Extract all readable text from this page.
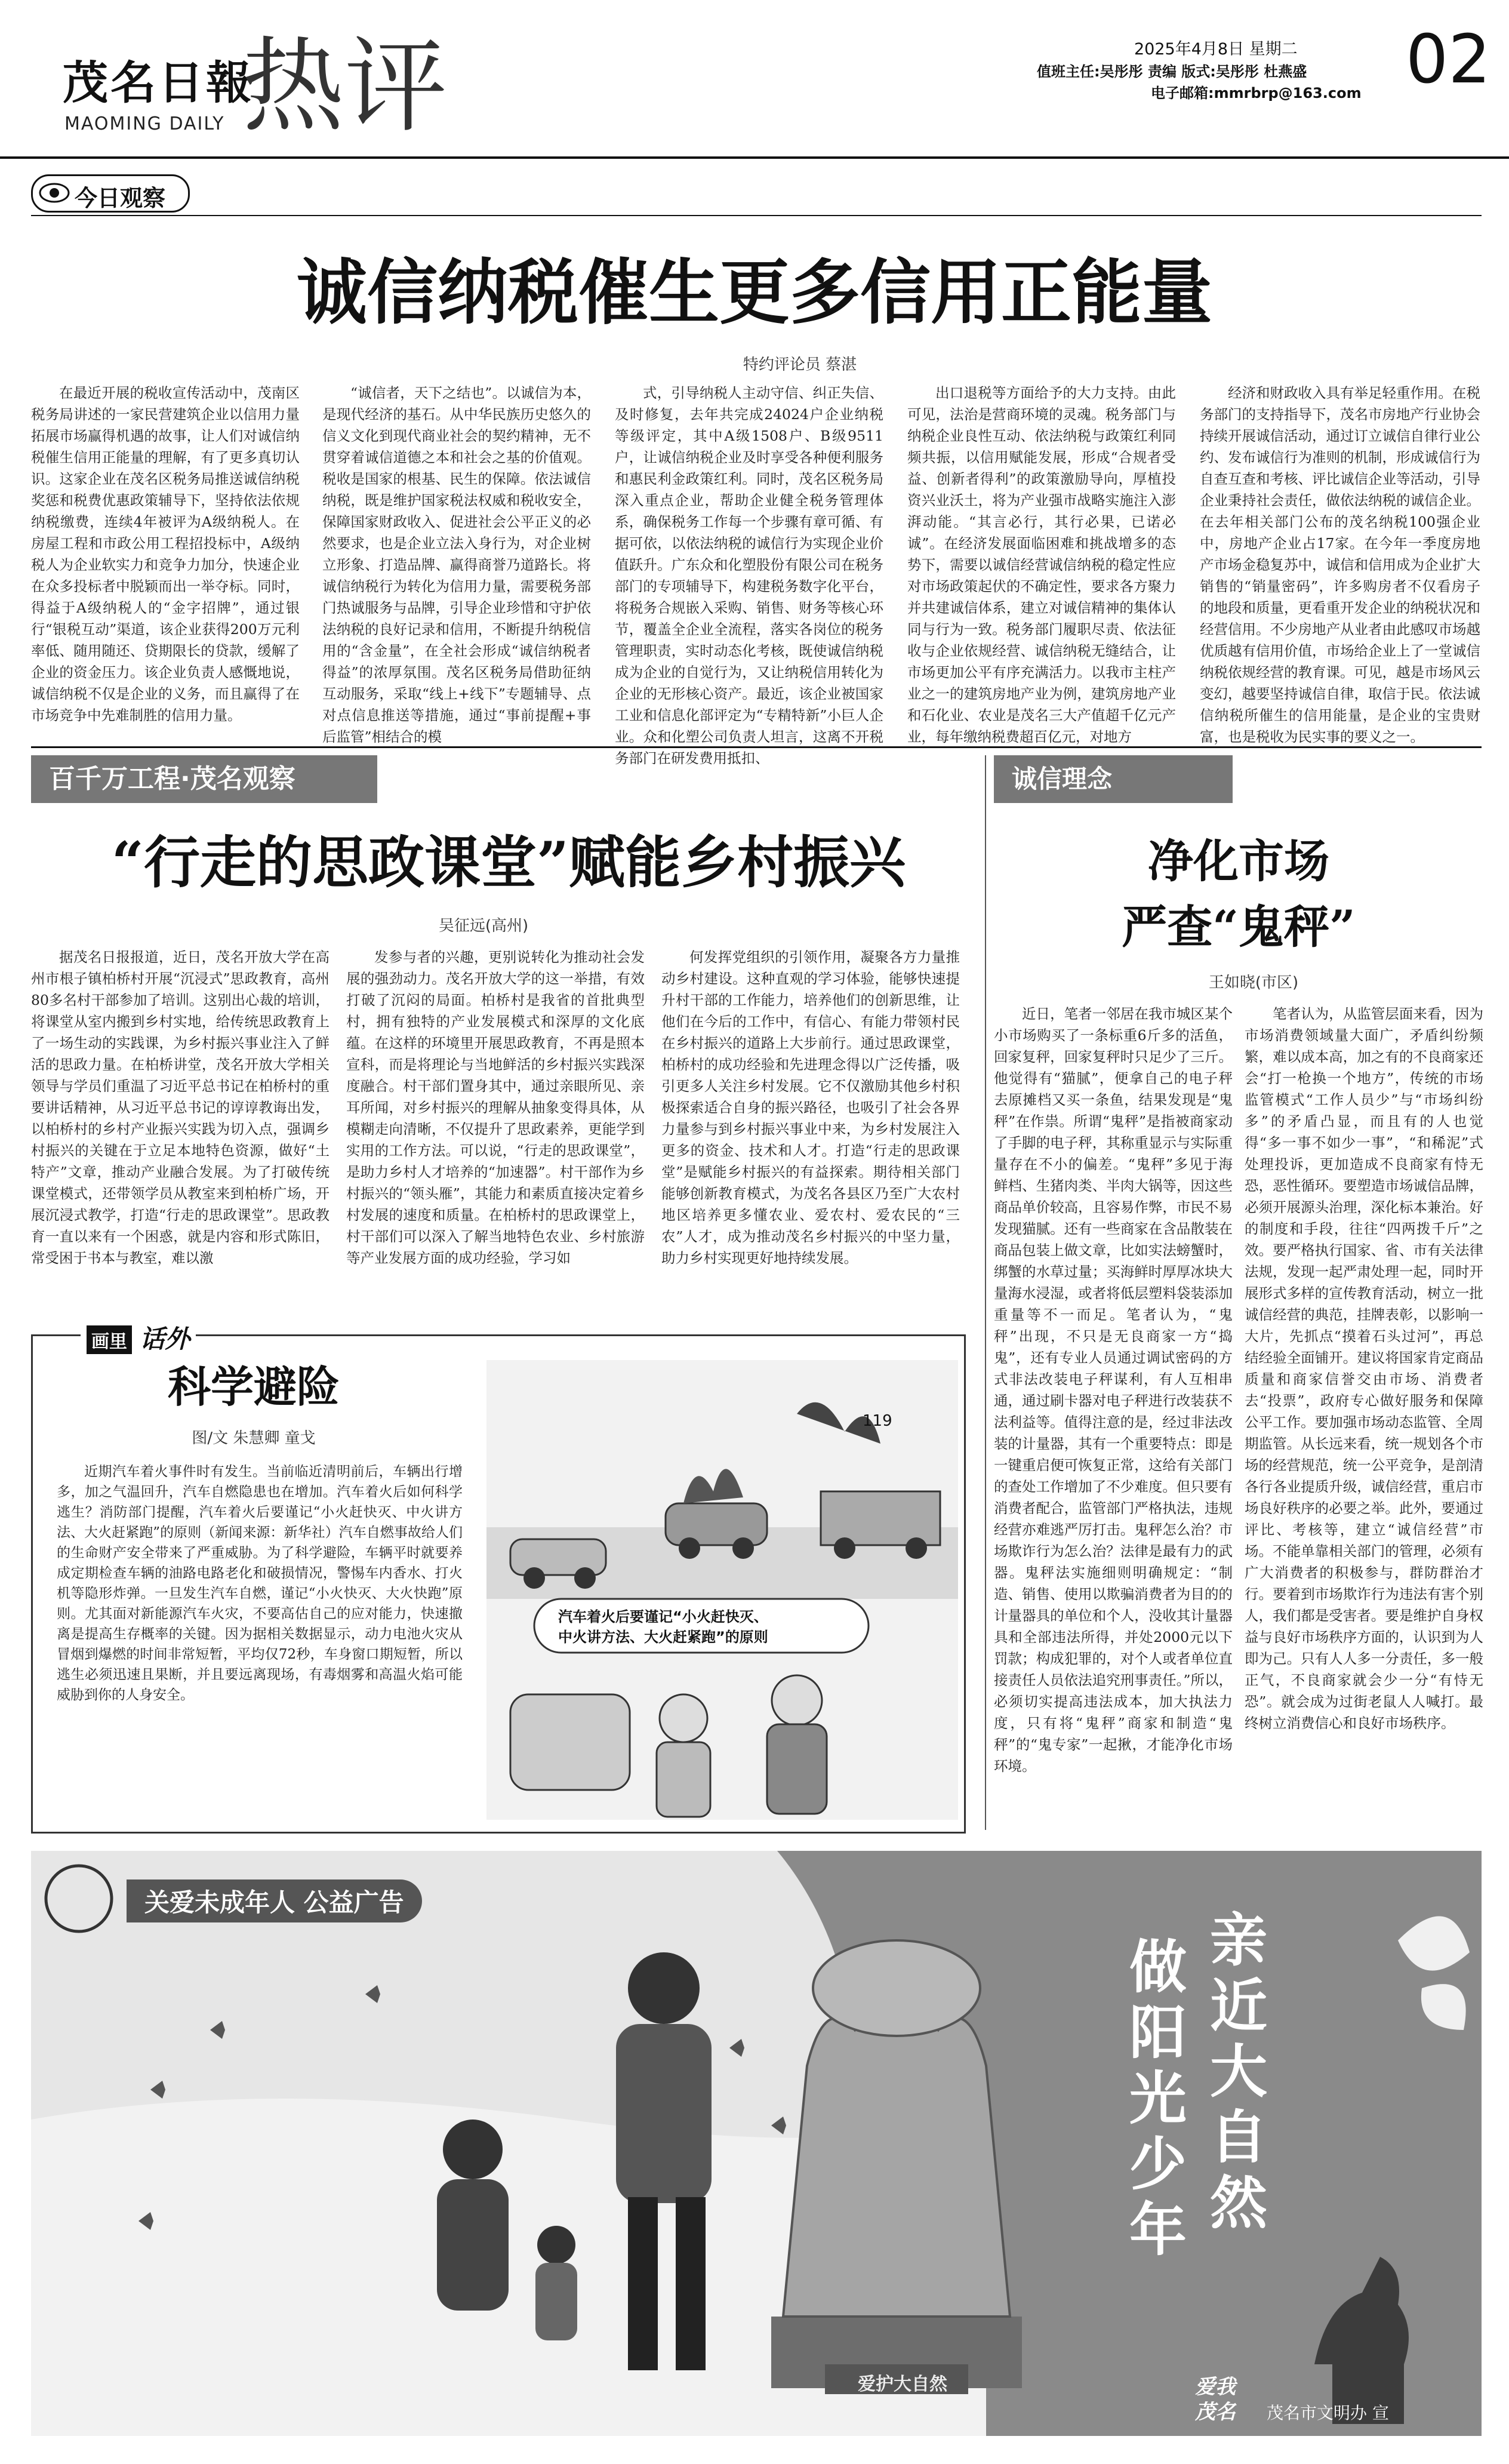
茂名日報
MAOMING DAILY 热评	2025年4月8日 星期二
值班主任:吴彤彤 责编 版式:吴彤彤 杜燕盛
电子邮箱:mmrbrp@163.com 02
今日观察
诚信纳税催生更多信用正能量
特约评论员 蔡湛
在最近开展的税收宣传活动中，茂南区税务局讲述的一家民营建筑企业以信用力量拓展市场赢得机遇的故事，让人们对诚信纳税催生信用正能量的理解，有了更多真切认识。这家企业在茂名区税务局推送诚信纳税奖惩和税费优惠政策辅导下，坚持依法依规纳税缴费，连续4年被评为A级纳税人。在房屋工程和市政公用工程招投标中，A级纳税人为企业软实力和竞争力加分，快速企业在众多投标者中脱颖而出一举夺标。同时，得益于A级纳税人的“金字招牌”，通过银行“银税互动”渠道，该企业获得200万元利率低、随用随还、贷期限长的贷款，缓解了企业的资金压力。该企业负责人感慨地说，诚信纳税不仅是企业的义务，而且赢得了在市场竞争中先难制胜的信用力量。
“诚信者，天下之结也”。以诚信为本，是现代经济的基石。从中华民族历史悠久的信义文化到现代商业社会的契约精神，无不贯穿着诚信道德之本和社会之基的价值观。税收是国家的根基、民生的保障。依法诚信纳税，既是维护国家税法权威和税收安全，保障国家财政收入、促进社会公平正义的必然要求，也是企业立法入身行为，对企业树立形象、打造品牌、赢得商誉乃道路长。将诚信纳税行为转化为信用力量，需要税务部门热诚服务与品牌，引导企业珍惜和守护依法纳税的良好记录和信用，不断提升纳税信用的“含金量”，在全社会形成“诚信纳税者得益”的浓厚氛围。茂名区税务局借助征纳互动服务，采取“线上+线下”专题辅导、点对点信息推送等措施，通过“事前提醒+事后监管”相结合的模
式，引导纳税人主动守信、纠正失信、及时修复，去年共完成24024户企业纳税等级评定，其中A级1508户、B级9511户，让诚信纳税企业及时享受各种便利服务和惠民利金政策红利。同时，茂名区税务局深入重点企业，帮助企业健全税务管理体系，确保税务工作每一个步骤有章可循、有据可依，以依法纳税的诚信行为实现企业价值跃升。广东众和化塑股份有限公司在税务部门的专项辅导下，构建税务数字化平台，将税务合规嵌入采购、销售、财务等核心环节，覆盖全企业全流程，落实各岗位的税务管理职责，实时动态化考核，既使诚信纳税成为企业的自觉行为，又让纳税信用转化为企业的无形核心资产。最近，该企业被国家工业和信息化部评定为“专精特新”小巨人企业。众和化塑公司负责人坦言，这离不开税务部门在研发费用抵扣、
出口退税等方面给予的大力支持。由此可见，法治是营商环境的灵魂。税务部门与纳税企业良性互动、依法纳税与政策红利同频共振，以信用赋能发展，形成“合规者受益、创新者得利”的政策激励导向，厚植投资兴业沃土，将为产业强市战略实施注入澎湃动能。“其言必行，其行必果，已诺必诚”。在经济发展面临困难和挑战增多的态势下，需要以诚信经营诚信纳税的稳定性应对市场政策起伏的不确定性，要求各方聚力并共建诚信体系，建立对诚信精神的集体认同与行为一致。税务部门履职尽责、依法征收与企业依规经营、诚信纳税无缝结合，让市场更加公平有序充满活力。以我市主柱产业之一的建筑房地产业为例，建筑房地产业和石化业、农业是茂名三大产值超千亿元产业，每年缴纳税费超百亿元，对地方
经济和财政收入具有举足轻重作用。在税务部门的支持指导下，茂名市房地产行业协会持续开展诚信活动，通过订立诚信自律行业公约、发布诚信行为准则的机制，形成诚信行为自查互查和考核、评比诚信企业等活动，引导企业秉持社会责任，做依法纳税的诚信企业。在去年相关部门公布的茂名纳税100强企业中，房地产企业占17家。在今年一季度房地产市场金稳复苏中，诚信和信用成为企业扩大销售的“销量密码”，许多购房者不仅看房子的地段和质量，更看重开发企业的纳税状况和经营信用。不少房地产从业者由此感叹市场越优质越有信用价值，市场给企业上了一堂诚信纳税依规经营的教育课。可见，越是市场风云变幻，越要坚持诚信自律，取信于民。依法诚信纳税所催生的信用能量，是企业的宝贵财富，也是税收为民实事的要义之一。
百千万工程·茂名观察
“行走的思政课堂”赋能乡村振兴
吴征远(高州)
据茂名日报报道，近日，茂名开放大学在高州市根子镇柏桥村开展“沉浸式”思政教育，高州80多名村干部参加了培训。这别出心裁的培训，将课堂从室内搬到乡村实地，给传统思政教育上了一场生动的实践课，为乡村振兴事业注入了鲜活的思政力量。在柏桥讲堂，茂名开放大学相关领导与学员们重温了习近平总书记在柏桥村的重要讲话精神，从习近平总书记的谆谆教诲出发，以柏桥村的乡村产业振兴实践为切入点，强调乡村振兴的关键在于立足本地特色资源，做好“土特产”文章，推动产业融合发展。为了打破传统课堂模式，还带领学员从教室来到柏桥广场，开展沉浸式教学，打造“行走的思政课堂”。思政教育一直以来有一个困惑，就是内容和形式陈旧，常受困于书本与教室，难以激
发参与者的兴趣，更别说转化为推动社会发展的强劲动力。茂名开放大学的这一举措，有效打破了沉闷的局面。柏桥村是我省的首批典型村，拥有独特的产业发展模式和深厚的文化底蕴。在这样的环境里开展思政教育，不再是照本宣科，而是将理论与当地鲜活的乡村振兴实践深度融合。村干部们置身其中，通过亲眼所见、亲耳所闻，对乡村振兴的理解从抽象变得具体，从模糊走向清晰，不仅提升了思政素养，更能学到实用的工作方法。可以说，“行走的思政课堂”，是助力乡村人才培养的“加速器”。村干部作为乡村振兴的“领头雁”，其能力和素质直接决定着乡村发展的速度和质量。在柏桥村的思政课堂上，村干部们可以深入了解当地特色农业、乡村旅游等产业发展方面的成功经验，学习如
何发挥党组织的引领作用，凝聚各方力量推动乡村建设。这种直观的学习体验，能够快速提升村干部的工作能力，培养他们的创新思维，让他们在今后的工作中，有信心、有能力带领村民在乡村振兴的道路上大步前行。通过思政课堂，柏桥村的成功经验和先进理念得以广泛传播，吸引更多人关注乡村发展。它不仅激励其他乡村积极探索适合自身的振兴路径，也吸引了社会各界力量参与到乡村振兴事业中来，为乡村发展注入更多的资金、技术和人才。打造“行走的思政课堂”是赋能乡村振兴的有益探索。期待相关部门能够创新教育模式，为茂名各县区乃至广大农村地区培养更多懂农业、爱农村、爱农民的“三农”人才，成为推动茂名乡村振兴的中坚力量，助力乡村实现更好地持续发展。
画里 话外
科学避险
图/文 朱慧卿 童戈
近期汽车着火事件时有发生。当前临近清明前后，车辆出行增多，加之气温回升，汽车自燃隐患也在增加。汽车着火后如何科学逃生？消防部门提醒，汽车着火后要谨记“小火赶快灭、中火讲方法、大火赶紧跑”的原则（新闻来源：新华社）汽车自燃事故给人们的生命财产安全带来了严重威胁。为了科学避险，车辆平时就要养成定期检查车辆的油路电路老化和破损情况，警惕车内香水、打火机等隐形炸弹。一旦发生汽车自燃，谨记“小火快灭、大火快跑”原则。尤其面对新能源汽车火灾，不要高估自己的应对能力，快速撤离是提高生存概率的关键。因为据相关数据显示，动力电池火灾从冒烟到爆燃的时间非常短暂，平均仅72秒，车身窗口期短暂，所以逃生必须迅速且果断，并且要远离现场，有毒烟雾和高温火焰可能威胁到你的人身安全。
119
汽车着火后要谨记“小火赶快灭、
中火讲方法、大火赶紧跑”的原则
诚信理念
净化市场
严查“鬼秤”
王如晓(市区)
近日，笔者一邻居在我市城区某个小市场购买了一条标重6斤多的活鱼，回家复秤，回家复秤时只足少了三斤。他觉得有“猫腻”，便拿自己的电子秤去原摊档又买一条鱼，结果发现是“鬼秤”在作祟。所谓“鬼秤”是指被商家动了手脚的电子秤，其称重显示与实际重量存在不小的偏差。“鬼秤”多见于海鲜档、生猪肉类、半肉大锅等，因这些商品单价较高，且容易作弊，市民不易发现猫腻。还有一些商家在含品散装在商品包装上做文章，比如实法螃蟹时，绑蟹的水草过量；买海鲜时厚厚冰块大量海水浸湿，或者将低层塑料袋装添加重量等不一而足。笔者认为，“鬼秤”出现，不只是无良商家一方“捣鬼”，还有专业人员通过调试密码的方式非法改装电子秤谋利，有人互相串通，通过刷卡器对电子秤进行改装获不法利益等。值得注意的是，经过非法改装的计量器，其有一个重要特点：即是一键重启便可恢复正常，这给有关部门的查处工作增加了不少难度。但只要有消费者配合，监管部门严格执法，违规经营亦难逃严厉打击。鬼秤怎么治？市场欺诈行为怎么治？法律是最有力的武器。鬼秤法实施细则明确规定：“制造、销售、使用以欺骗消费者为目的的计量器具的单位和个人，没收其计量器具和全部违法所得，并处2000元以下罚款；构成犯罪的，对个人或者单位直接责任人员依法追究刑事责任。”所以，必须切实提高违法成本，加大执法力度，只有将“鬼秤”商家和制造“鬼秤”的“鬼专家”一起揪，才能净化市场环境。
笔者认为，从监管层面来看，因为市场消费领域量大面广，矛盾纠纷频繁，难以成本高，加之有的不良商家还会“打一枪换一个地方”，传统的市场监管模式“工作人员少”与“市场纠纷多”的矛盾凸显，而且有的人也觉得“多一事不如少一事”，“和稀泥”式处理投诉，更加造成不良商家有恃无恐，恶性循环。要塑造市场诚信品牌，必须开展源头治理，深化标本兼治。好的制度和手段，往往“四两拨千斤”之效。要严格执行国家、省、市有关法律法规，发现一起严肃处理一起，同时开展形式多样的宣传教育活动，树立一批诚信经营的典范，挂牌表彰，以影响一大片，先抓点“摸着石头过河”，再总结经验全面铺开。建议将国家肯定商品质量和商家信誉交由市场、消费者去“投票”，政府专心做好服务和保障公平工作。要加强市场动态监管、全周期监管。从长远来看，统一规划各个市场的经营规范，统一公平竞争，是剖清各行各业提质升级，诚信经营，重启市场良好秩序的必要之举。此外，要通过评比、考核等，建立“诚信经营”市场。不能单靠相关部门的管理，必须有广大消费者的积极参与，群防群治才行。要着到市场欺诈行为违法有害个别人，我们都是受害者。要是维护自身权益与良好市场秩序方面的，认识到为人即为己。只有人人多一分责任，多一般正气，不良商家就会少一分“有恃无恐”。就会成为过街老鼠人人喊打。最终树立消费信心和良好市场秩序。
关爱未成年人 公益广告
做
阳
光
少
年
亲
近
大
自
然
爱护大自然	爱我
茂名 茂名市文明办 宣
